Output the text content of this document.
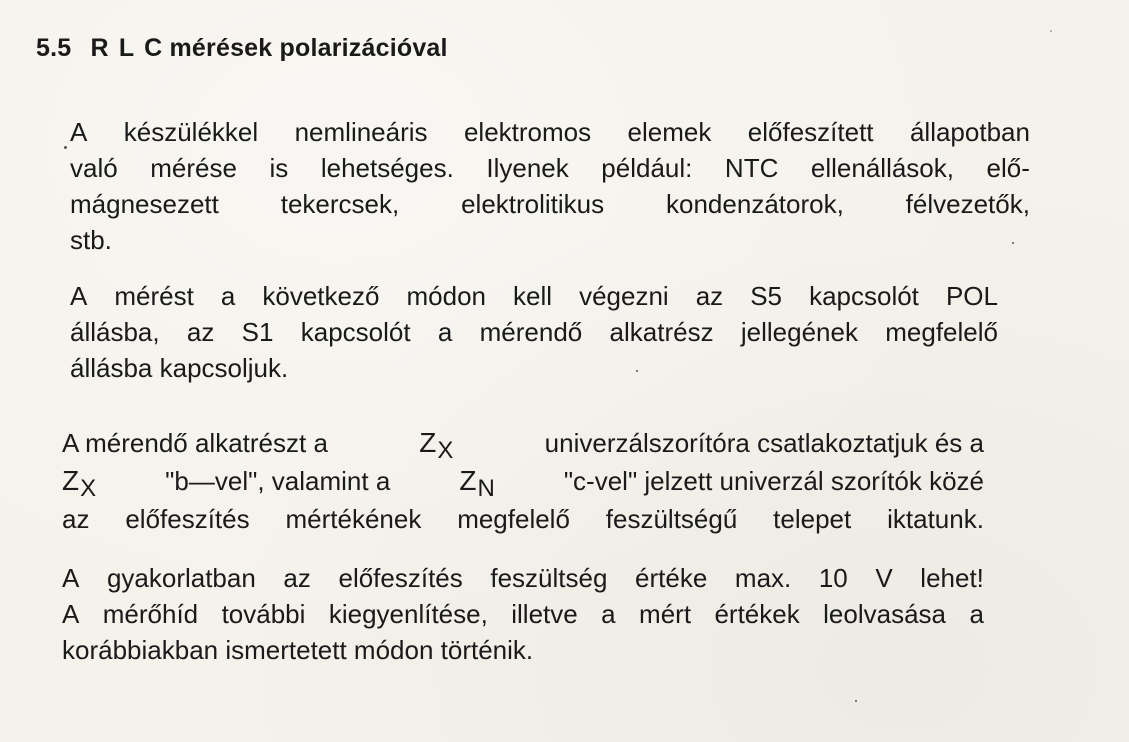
5.5 R L C mérések polarizációval
A készülékkel nemlineáris elektromos elemek előfeszített állapotban
való mérése is lehetséges. Ilyenek például: NTC ellenállások, elő-
mágnesezett tekercsek, elektrolitikus kondenzátorok, félvezetők,
stb.
A mérést a következő módon kell végezni az S5 kapcsolót POL
állásba, az S1 kapcsolót a mérendő alkatrész jellegének megfelelő
állásba kapcsoljuk.
A mérendő alkatrészt a	ZX	univerzálszorítóra csatlakoztatjuk és a
ZX	"b—vel", valamint a ZN	"c-vel" jelzett univerzál szorítók közé
az előfeszítés mértékének megfelelő feszültségű telepet iktatunk.
A gyakorlatban az előfeszítés feszültség értéke max. 10 V lehet!
A mérőhíd további kiegyenlítése, illetve a mért értékek leolvasása a
korábbiakban ismertetett módon történik.
